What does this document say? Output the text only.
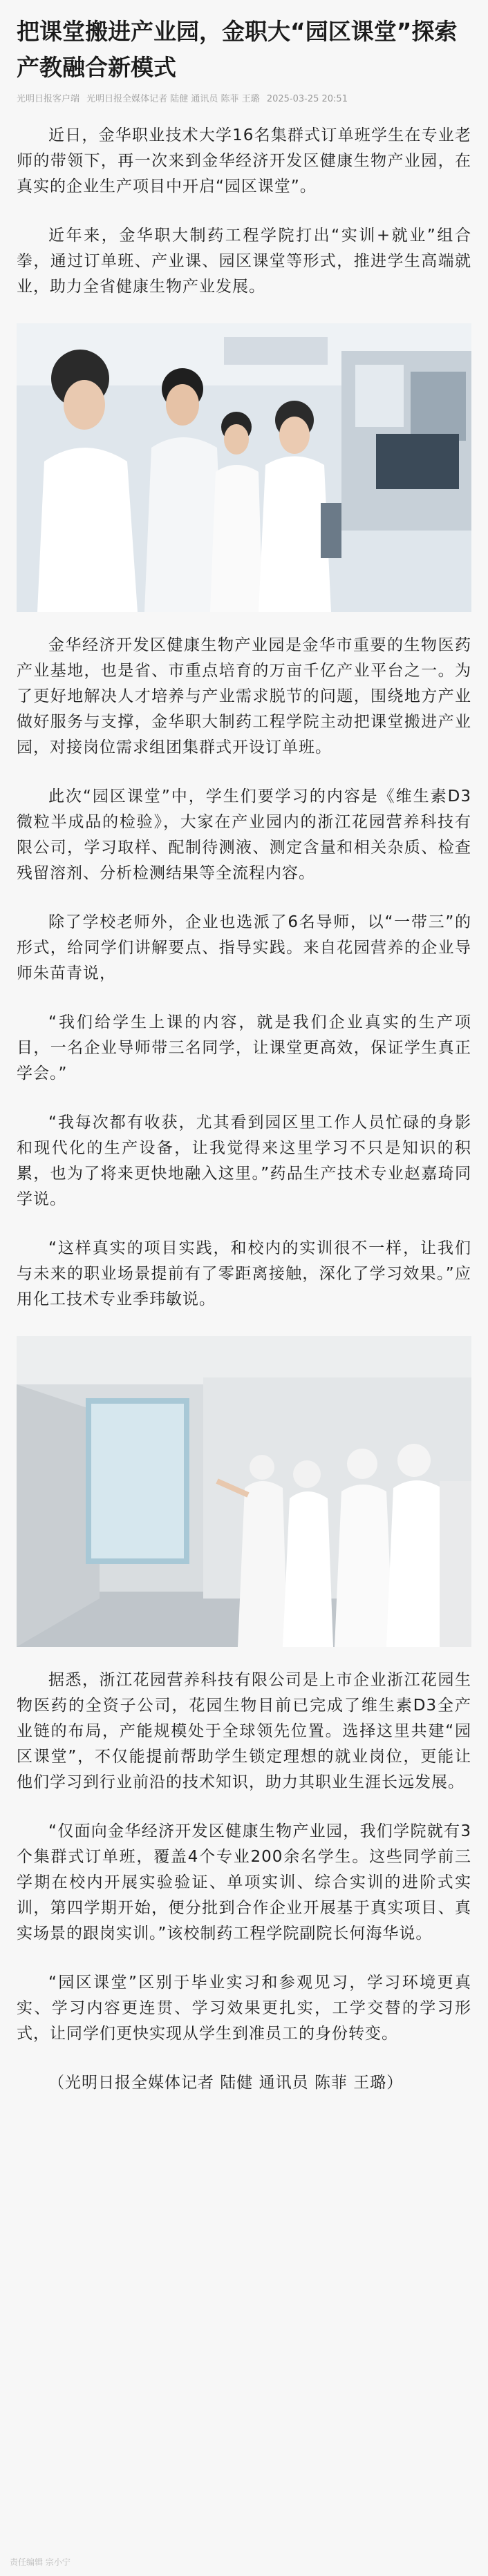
把课堂搬进产业园，金职大“园区课堂”探索产教融合新模式
光明日报客户端 光明日报全媒体记者 陆健 通讯员 陈菲 王璐 2025-03-25 20:51

近日，金华职业技术大学16名集群式订单班学生在专业老师的带领下，再一次来到金华经济开发区健康生物产业园，在真实的企业生产项目中开启“园区课堂”。

近年来，金华职大制药工程学院打出“实训+就业”组合拳，通过订单班、产业课、园区课堂等形式，推进学生高端就业，助力全省健康生物产业发展。

金华经济开发区健康生物产业园是金华市重要的生物医药产业基地，也是省、市重点培育的万亩千亿产业平台之一。为了更好地解决人才培养与产业需求脱节的问题，围绕地方产业做好服务与支撑，金华职大制药工程学院主动把课堂搬进产业园，对接岗位需求组团集群式开设订单班。

此次“园区课堂”中，学生们要学习的内容是《维生素D3微粒半成品的检验》，大家在产业园内的浙江花园营养科技有限公司，学习取样、配制待测液、测定含量和相关杂质、检查残留溶剂、分析检测结果等全流程内容。

除了学校老师外，企业也选派了6名导师，以“一带三”的形式，给同学们讲解要点、指导实践。来自花园营养的企业导师朱苗青说，

“我们给学生上课的内容，就是我们企业真实的生产项目，一名企业导师带三名同学，让课堂更高效，保证学生真正学会。”

“我每次都有收获，尤其看到园区里工作人员忙碌的身影和现代化的生产设备，让我觉得来这里学习不只是知识的积累，也为了将来更快地融入这里。”药品生产技术专业赵嘉琦同学说。

“这样真实的项目实践，和校内的实训很不一样，让我们与未来的职业场景提前有了零距离接触，深化了学习效果。”应用化工技术专业季玮敏说。

据悉，浙江花园营养科技有限公司是上市企业浙江花园生物医药的全资子公司，花园生物目前已完成了维生素D3全产业链的布局，产能规模处于全球领先位置。选择这里共建“园区课堂”，不仅能提前帮助学生锁定理想的就业岗位，更能让他们学习到行业前沿的技术知识，助力其职业生涯长远发展。

“仅面向金华经济开发区健康生物产业园，我们学院就有3个集群式订单班，覆盖4个专业200余名学生。这些同学前三学期在校内开展实验验证、单项实训、综合实训的进阶式实训，第四学期开始，便分批到合作企业开展基于真实项目、真实场景的跟岗实训。”该校制药工程学院副院长何海华说。

“园区课堂”区别于毕业实习和参观见习，学习环境更真实、学习内容更连贯、学习效果更扎实，工学交替的学习形式，让同学们更快实现从学生到准员工的身份转变。

（光明日报全媒体记者 陆健 通讯员 陈菲 王璐）

责任编辑 宗小宁
